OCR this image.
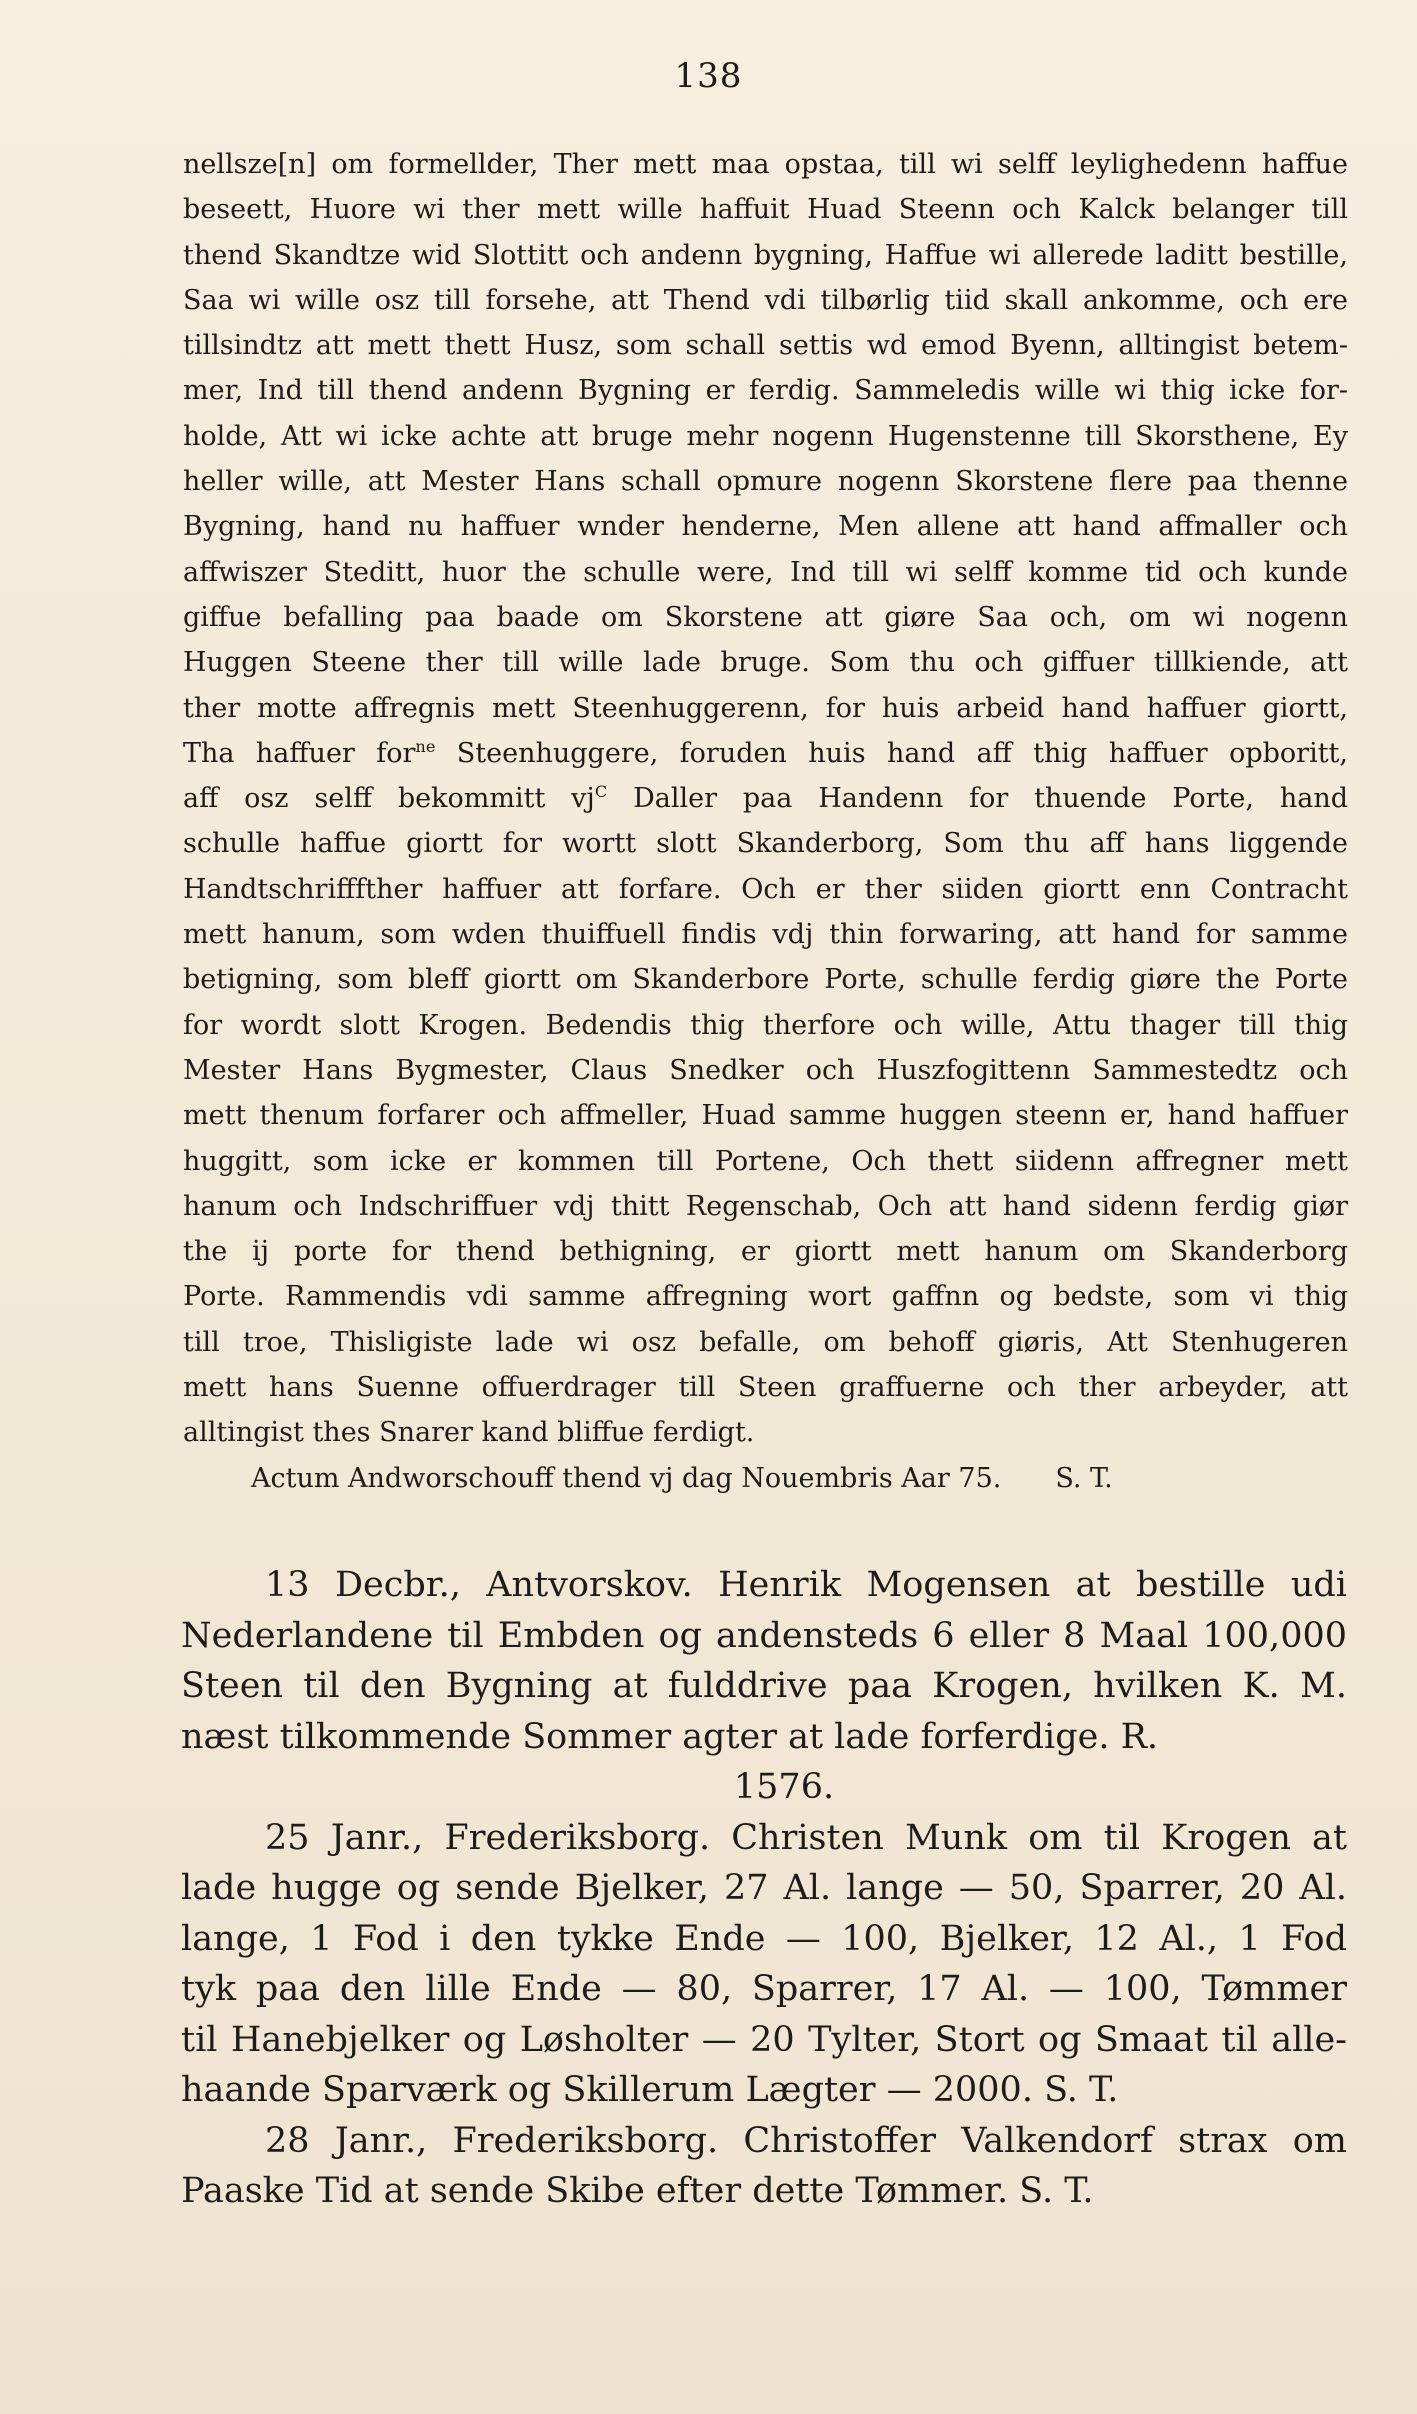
138
nellsze[n] om formellder, Ther mett maa opstaa, till wi selff leylighedenn haffue
beseett, Huore wi ther mett wille haffuit Huad Steenn och Kalck belanger till
thend Skandtze wid Slottitt och andenn bygning, Haffue wi allerede laditt bestille,
Saa wi wille osz till forsehe, att Thend vdi tilbørlig tiid skall ankomme, och ere
tillsindtz att mett thett Husz, som schall settis wd emod Byenn, alltingist betem-
mer, Ind till thend andenn Bygning er ferdig. Sammeledis wille wi thig icke for-
holde, Att wi icke achte att bruge mehr nogenn Hugenstenne till Skorsthene, Ey
heller wille, att Mester Hans schall opmure nogenn Skorstene flere paa thenne
Bygning, hand nu haffuer wnder henderne, Men allene att hand affmaller och
affwiszer Steditt, huor the schulle were, Ind till wi selff komme tid och kunde
giffue befalling paa baade om Skorstene att giøre Saa och, om wi nogenn
Huggen Steene ther till wille lade bruge. Som thu och giffuer tillkiende, att
ther motte affregnis mett Steenhuggerenn, for huis arbeid hand haffuer giortt,
Tha haffuer for$^{ne}$ Steenhuggere, foruden huis hand aff thig haffuer opboritt,
aff osz selff bekommitt $vj^C$ Daller paa Handenn for thuende Porte, hand
schulle haffue giortt for wortt slott Skanderborg, Som thu aff hans liggende
Handtschrifffther haffuer att forfare. Och er ther siiden giortt enn Contracht
mett hanum, som wden thuiffuell findis vdj thin forwaring, att hand for samme
betigning, som bleff giortt om Skanderbore Porte, schulle ferdig giøre the Porte
for wordt slott Krogen. Bedendis thig therfore och wille, Attu thager till thig
Mester Hans Bygmester, Claus Snedker och Huszfogittenn Sammestedtz och
mett thenum forfarer och affmeller, Huad samme huggen steenn er, hand haffuer
huggitt, som icke er kommen till Portene, Och thett siidenn affregner mett
hanum och Indschriffuer vdj thitt Regenschab, Och att hand sidenn ferdig giør
the ij porte for thend bethigning, er giortt mett hanum om Skanderborg
Porte. Rammendis vdi samme affregning wort gaffnn og bedste, som vi thig
till troe, Thisligiste lade wi osz befalle, om behoff giøris, Att Stenhugeren
mett hans Suenne offuerdrager till Steen graffuerne och ther arbeyder, att
alltingist thes Snarer kand bliffue ferdigt.
Actum Andworschouff thend vj dag Nouembris Aar 75. S. T.
13 Decbr., Antvorskov. Henrik Mogensen at bestille udi
Nederlandene til Embden og andensteds 6 eller 8 Maal 100,000
Steen til den Bygning at fulddrive paa Krogen, hvilken K. M.
næst tilkommende Sommer agter at lade forferdige. R.
1576.
25 Janr., Frederiksborg. Christen Munk om til Krogen at
lade hugge og sende Bjelker, 27 Al. lange — 50, Sparrer, 20 Al.
lange, 1 Fod i den tykke Ende — 100, Bjelker, 12 Al., 1 Fod
tyk paa den lille Ende — 80, Sparrer, 17 Al. — 100, Tømmer
til Hanebjelker og Løsholter — 20 Tylter, Stort og Smaat til alle-
haande Sparværk og Skillerum Lægter — 2000. S. T.
28 Janr., Frederiksborg. Christoffer Valkendorf strax om
Paaske Tid at sende Skibe efter dette Tømmer. S. T.
